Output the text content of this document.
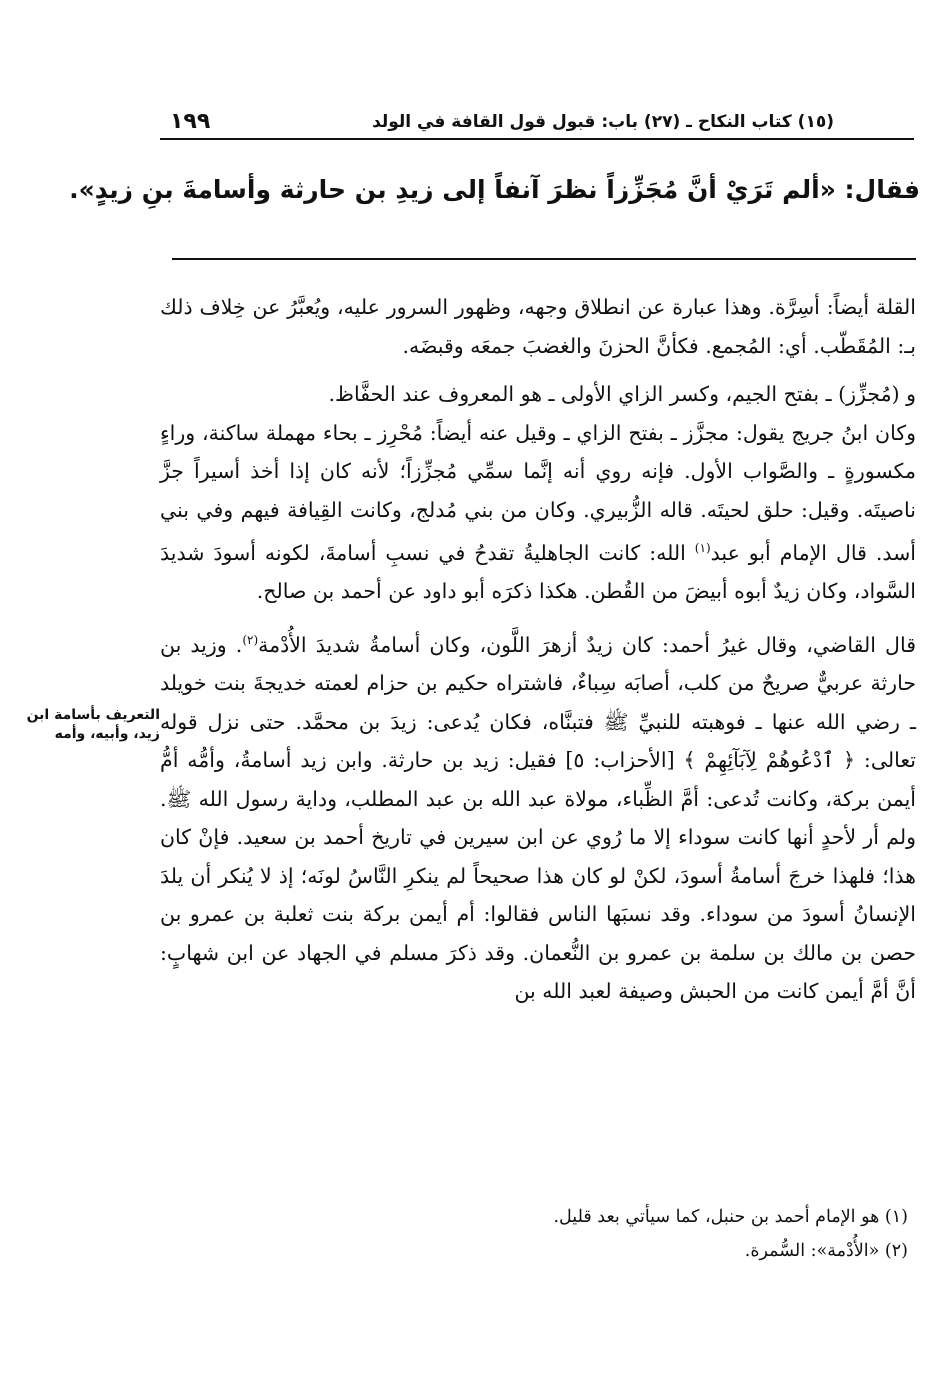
(١٥) كتاب النكاح ـ (٢٧) باب: قبول قول القافة في الولد
١٩٩
فقال: «ألم تَرَيْ أنَّ مُجَزِّزاً نظرَ آنفاً إلى زيدِ بن حارثة وأسامةَ بنِ زيدٍ».

القلة أيضاً: أسِرَّة. وهذا عبارة عن انطلاق وجهه، وظهور السرور عليه، ويُعبَّرُ عن خِلاف ذلك بـ: المُقَطّب. أي: المُجمع. فكأنَّ الحزنَ والغضبَ جمعَه وقبضَه.

و (مُجزِّز) ـ بفتح الجيم، وكسر الزاي الأولى ـ هو المعروف عند الحفَّاظ.

وكان ابنُ جريج يقول: مجزَّز ـ بفتح الزاي ـ وقيل عنه أيضاً: مُحْرِز ـ بحاء مهملة ساكنة، وراءٍ مكسورةٍ ـ والصَّواب الأول. فإنه روي أنه إنَّما سمِّي مُجزِّزاً؛ لأنه كان إذا أخذ أسيراً جزَّ ناصيتَه. وقيل: حلق لحيتَه. قاله الزُّبيري. وكان من بني مُدلج، وكانت القِيافة فيهم وفي بني أسد. قال الإمام أبو عبد$^{(١)}$ الله: كانت الجاهليةُ تقدحُ في نسبِ أسامةَ، لكونه أسودَ شديدَ السَّواد، وكان زيدٌ أبوه أبيضَ من القُطن. هكذا ذكرَه أبو داود عن أحمد بن صالح.

قال القاضي، وقال غيرُ أحمد: كان زيدٌ أزهرَ اللَّون، وكان أسامةُ شديدَ الأُدْمة$^{(٢)}$. وزيد بن حارثة عربيٌّ صريحٌ من كلب، أصابَه سِباءٌ، فاشتراه حكيم بن حزام لعمته خديجةَ بنت خويلد ـ رضي الله عنها ـ فوهبته للنبيِّ ﷺ فتبنَّاه، فكان يُدعى: زيدَ بن محمَّد. حتى نزل قوله تعالى: ﴿ ٱدْعُوهُمْ لِآبَآئِهِمْ ﴾ [الأحزاب: ٥] فقيل: زيد بن حارثة. وابن زيد أسامةُ، وأمُّه أمُّ أيمن بركة، وكانت تُدعى: أمَّ الظِّباء، مولاة عبد الله بن عبد المطلب، وداية رسول الله ﷺ. ولم أر لأحدٍ أنها كانت سوداء إلا ما رُوي عن ابن سيرين في تاريخ أحمد بن سعيد. فإنْ كان هذا؛ فلهذا خرجَ أسامةُ أسودَ، لكنْ لو كان هذا صحيحاً لم ينكرِ النَّاسُ لونَه؛ إذ لا يُنكر أن يلدَ الإنسانُ أسودَ من سوداء. وقد نسبَها الناس فقالوا: أم أيمن بركة بنت ثعلبة بن عمرو بن حصن بن مالك بن سلمة بن عمرو بن النُّعمان. وقد ذكرَ مسلم في الجهاد عن ابن شهابٍ: أنَّ أمَّ أيمن كانت من الحبش وصيفة لعبد الله بن

التعريف بأسامة ابن زيد، وأبيه، وأمه

(١) هو الإمام أحمد بن حنبل، كما سيأتي بعد قليل.

(٢) «الأُدْمة»: السُّمرة.
